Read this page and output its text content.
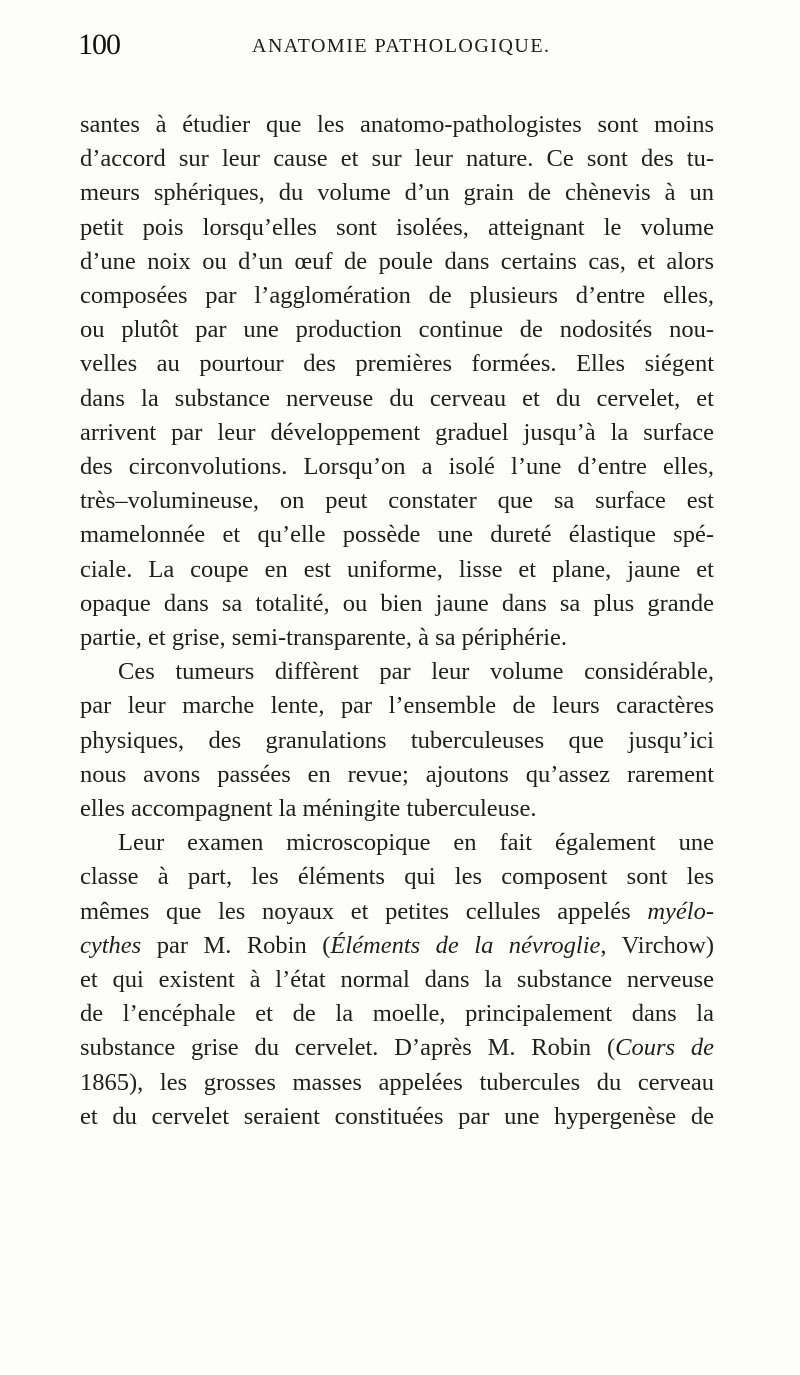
100	ANATOMIE PATHOLOGIQUE.
santes à étudier que les anatomo-pathologistes sont moins
d’accord sur leur cause et sur leur nature. Ce sont des tu-
meurs sphériques, du volume d’un grain de chènevis à un
petit pois lorsqu’elles sont isolées, atteignant le volume
d’une noix ou d’un œuf de poule dans certains cas, et alors
composées par l’agglomération de plusieurs d’entre elles,
ou plutôt par une production continue de nodosités nou-
velles au pourtour des premières formées. Elles siégent
dans la substance nerveuse du cerveau et du cervelet, et
arrivent par leur développement graduel jusqu’à la surface
des circonvolutions. Lorsqu’on a isolé l’une d’entre elles,
très–volumineuse, on peut constater que sa surface est
mamelonnée et qu’elle possède une dureté élastique spé-
ciale. La coupe en est uniforme, lisse et plane, jaune et
opaque dans sa totalité, ou bien jaune dans sa plus grande
partie, et grise, semi-transparente, à sa périphérie.
Ces tumeurs diffèrent par leur volume considérable,
par leur marche lente, par l’ensemble de leurs caractères
physiques, des granulations tuberculeuses que jusqu’ici
nous avons passées en revue; ajoutons qu’assez rarement
elles accompagnent la méningite tuberculeuse.
Leur examen microscopique en fait également une
classe à part, les éléments qui les composent sont les
mêmes que les noyaux et petites cellules appelés myélo-
cythes par M. Robin (Éléments de la névroglie, Virchow)
et qui existent à l’état normal dans la substance nerveuse
de l’encéphale et de la moelle, principalement dans la
substance grise du cervelet. D’après M. Robin (Cours de
1865), les grosses masses appelées tubercules du cerveau
et du cervelet seraient constituées par une hypergenèse de
